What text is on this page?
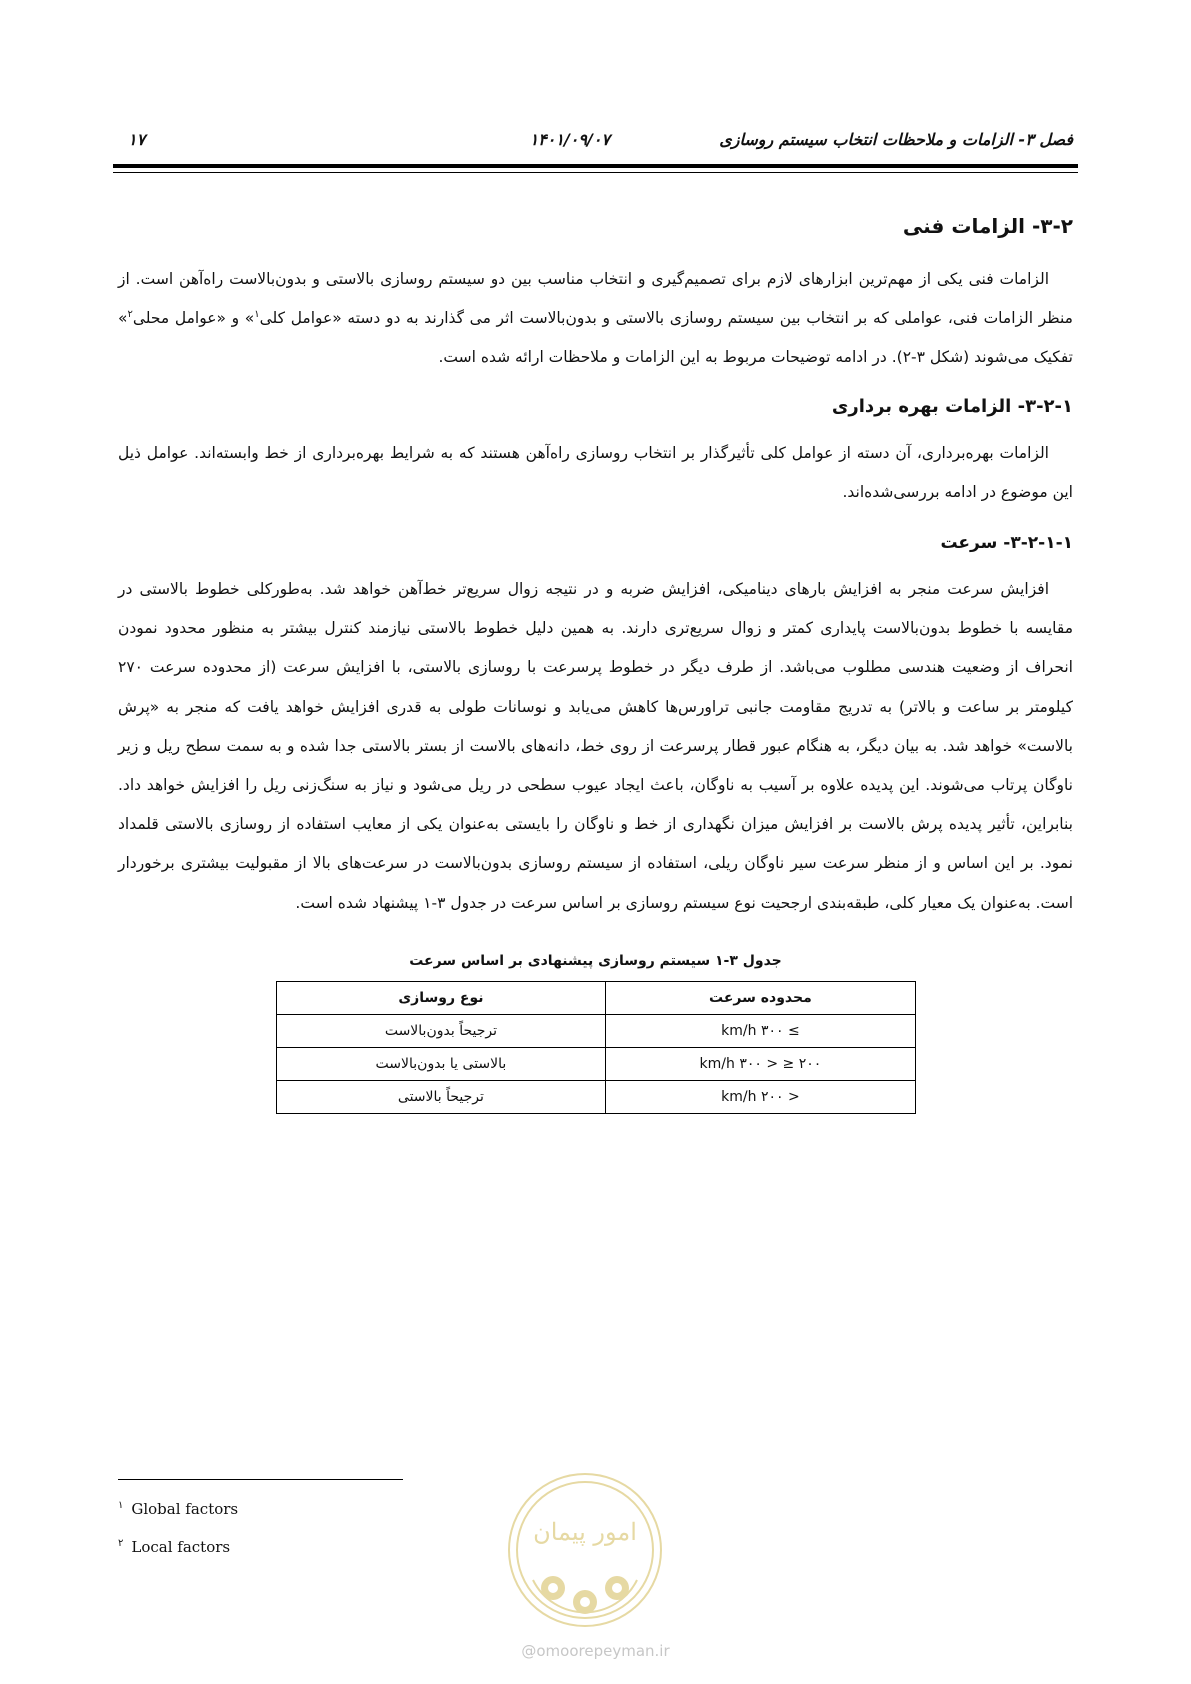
فصل ۳- الزامات و ملاحظات انتخاب سیستم روسازی
۱۴۰۱/۰۹/۰۷
۱۷
۳-۲- الزامات فنی

الزامات فنی یکی از مهم‌ترین ابزارهای لازم برای تصمیم‌گیری و انتخاب مناسب بین دو سیستم روسازی بالاستی و بدون‌بالاست راه‌آهن است. از منظر الزامات فنی، عواملی که بر انتخاب بین سیستم روسازی بالاستی و بدون‌بالاست اثر می گذارند به دو دسته «عوامل کلی$^۱$» و «عوامل محلی$^۲$» تفکیک می‌شوند (شکل ۳-۲). در ادامه توضیحات مربوط به این الزامات و ملاحظات ارائه شده است.

۳-۲-۱- الزامات بهره برداری

الزامات بهره‌برداری، آن دسته از عوامل کلی تأثیرگذار بر انتخاب روسازی راه‌آهن هستند که به شرایط بهره‌برداری از خط وابسته‌اند. عوامل ذیل این موضوع در ادامه بررسی‌شده‌اند.

۳-۲-۱-۱- سرعت

افزایش سرعت منجر به افزایش بارهای دینامیکی، افزایش ضربه و در نتیجه زوال سریع‌تر خط‌آهن خواهد شد. به‌طورکلی خطوط بالاستی در مقایسه با خطوط بدون‌بالاست پایداری کمتر و زوال سریع‌تری دارند. به همین دلیل خطوط بالاستی نیازمند کنترل بیشتر به منظور محدود نمودن انحراف از وضعیت هندسی مطلوب می‌باشد. از طرف دیگر در خطوط پرسرعت با روسازی بالاستی، با افزایش سرعت (از محدوده سرعت ۲۷۰ کیلومتر بر ساعت و بالاتر) به تدریج مقاومت جانبی تراورس‌ها کاهش می‌یابد و نوسانات طولی به قدری افزایش خواهد یافت که منجر به «پرش بالاست» خواهد شد. به بیان دیگر، به هنگام عبور قطار پرسرعت از روی خط، دانه‌های بالاست از بستر بالاستی جدا شده و به سمت سطح ریل و زیر ناوگان پرتاب می‌شوند. این پدیده علاوه بر آسیب به ناوگان، باعث ایجاد عیوب سطحی در ریل می‌شود و نیاز به سنگ‌زنی ریل را افزایش خواهد داد. بنابراین، تأثیر پدیده پرش بالاست بر افزایش میزان نگهداری از خط و ناوگان را بایستی به‌عنوان یکی از معایب استفاده از روسازی بالاستی قلمداد نمود. بر این اساس و از منظر سرعت سیر ناوگان ریلی، استفاده از سیستم روسازی بدون‌بالاست در سرعت‌های بالا از مقبولیت بیشتری برخوردار است. به‌عنوان یک معیار کلی، طبقه‌بندی ارجحیت نوع سیستم روسازی بر اساس سرعت در جدول ۳-۱ پیشنهاد شده است.

جدول ۳-۱ سیستم روسازی پیشنهادی بر اساس سرعت
محدوده سرعت	نوع روسازی
≥ ۳۰۰ km/h	ترجیحاً بدون‌بالاست
۲۰۰ ≤ < ۳۰۰ km/h	بالاستی یا بدون‌بالاست
< ۲۰۰ km/h	ترجیحاً بالاستی
$^۱$ Global factors
$^۲$ Local factors
امور پیمان
@omoorepeyman.ir
